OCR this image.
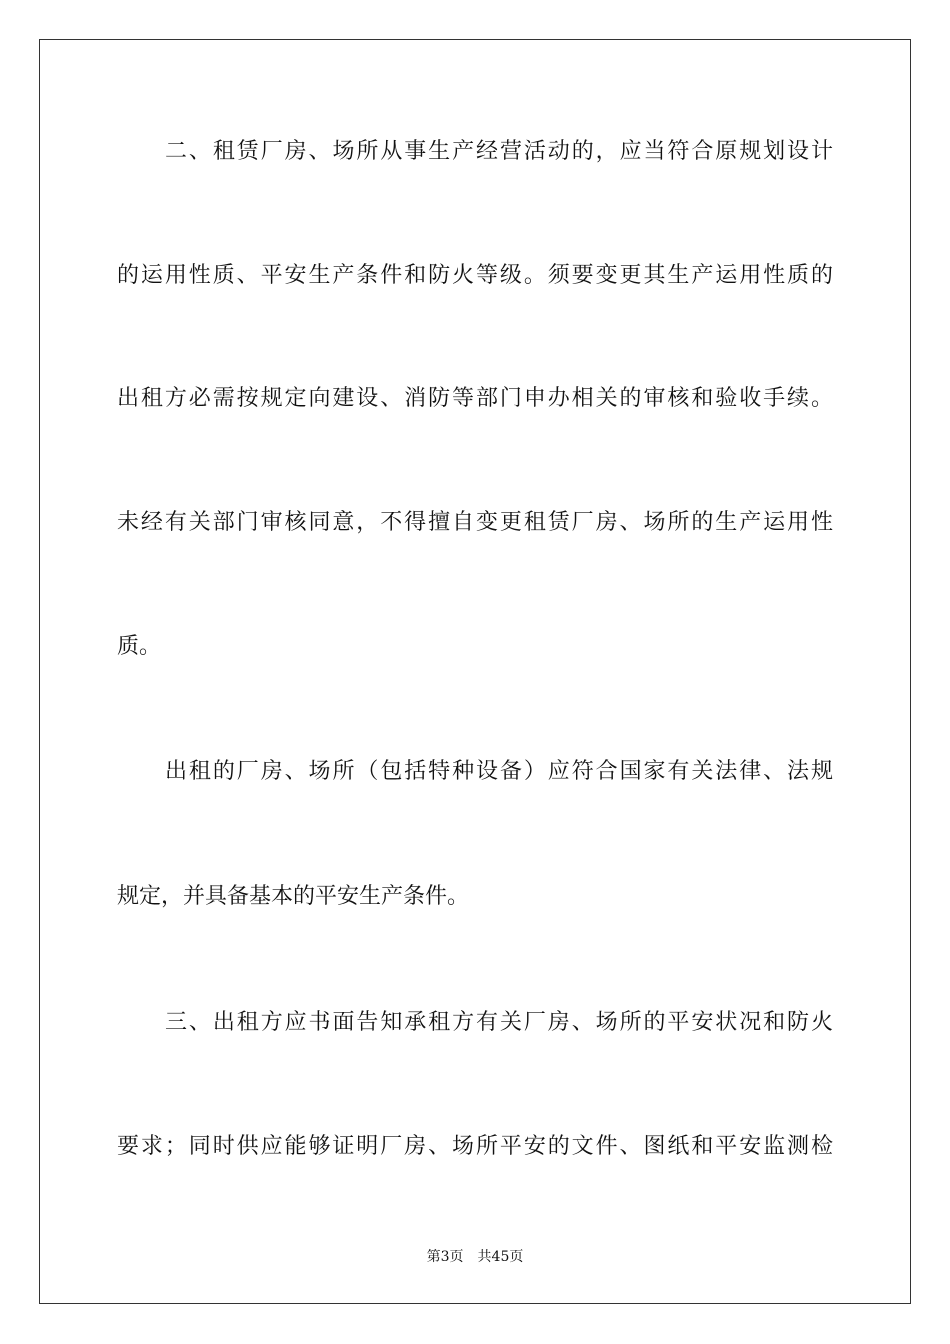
二、租赁厂房、场所从事生产经营活动的，应当符合原规划设计
的运用性质、平安生产条件和防火等级。须要变更其生产运用性质的
出租方必需按规定向建设、消防等部门申办相关的审核和验收手续。
未经有关部门审核同意，不得擅自变更租赁厂房、场所的生产运用性
质。
出租的厂房、场所（包括特种设备）应符合国家有关法律、法规
规定，并具备基本的平安生产条件。
三、出租方应书面告知承租方有关厂房、场所的平安状况和防火
要求；同时供应能够证明厂房、场所平安的文件、图纸和平安监测检
第3页 共45页
